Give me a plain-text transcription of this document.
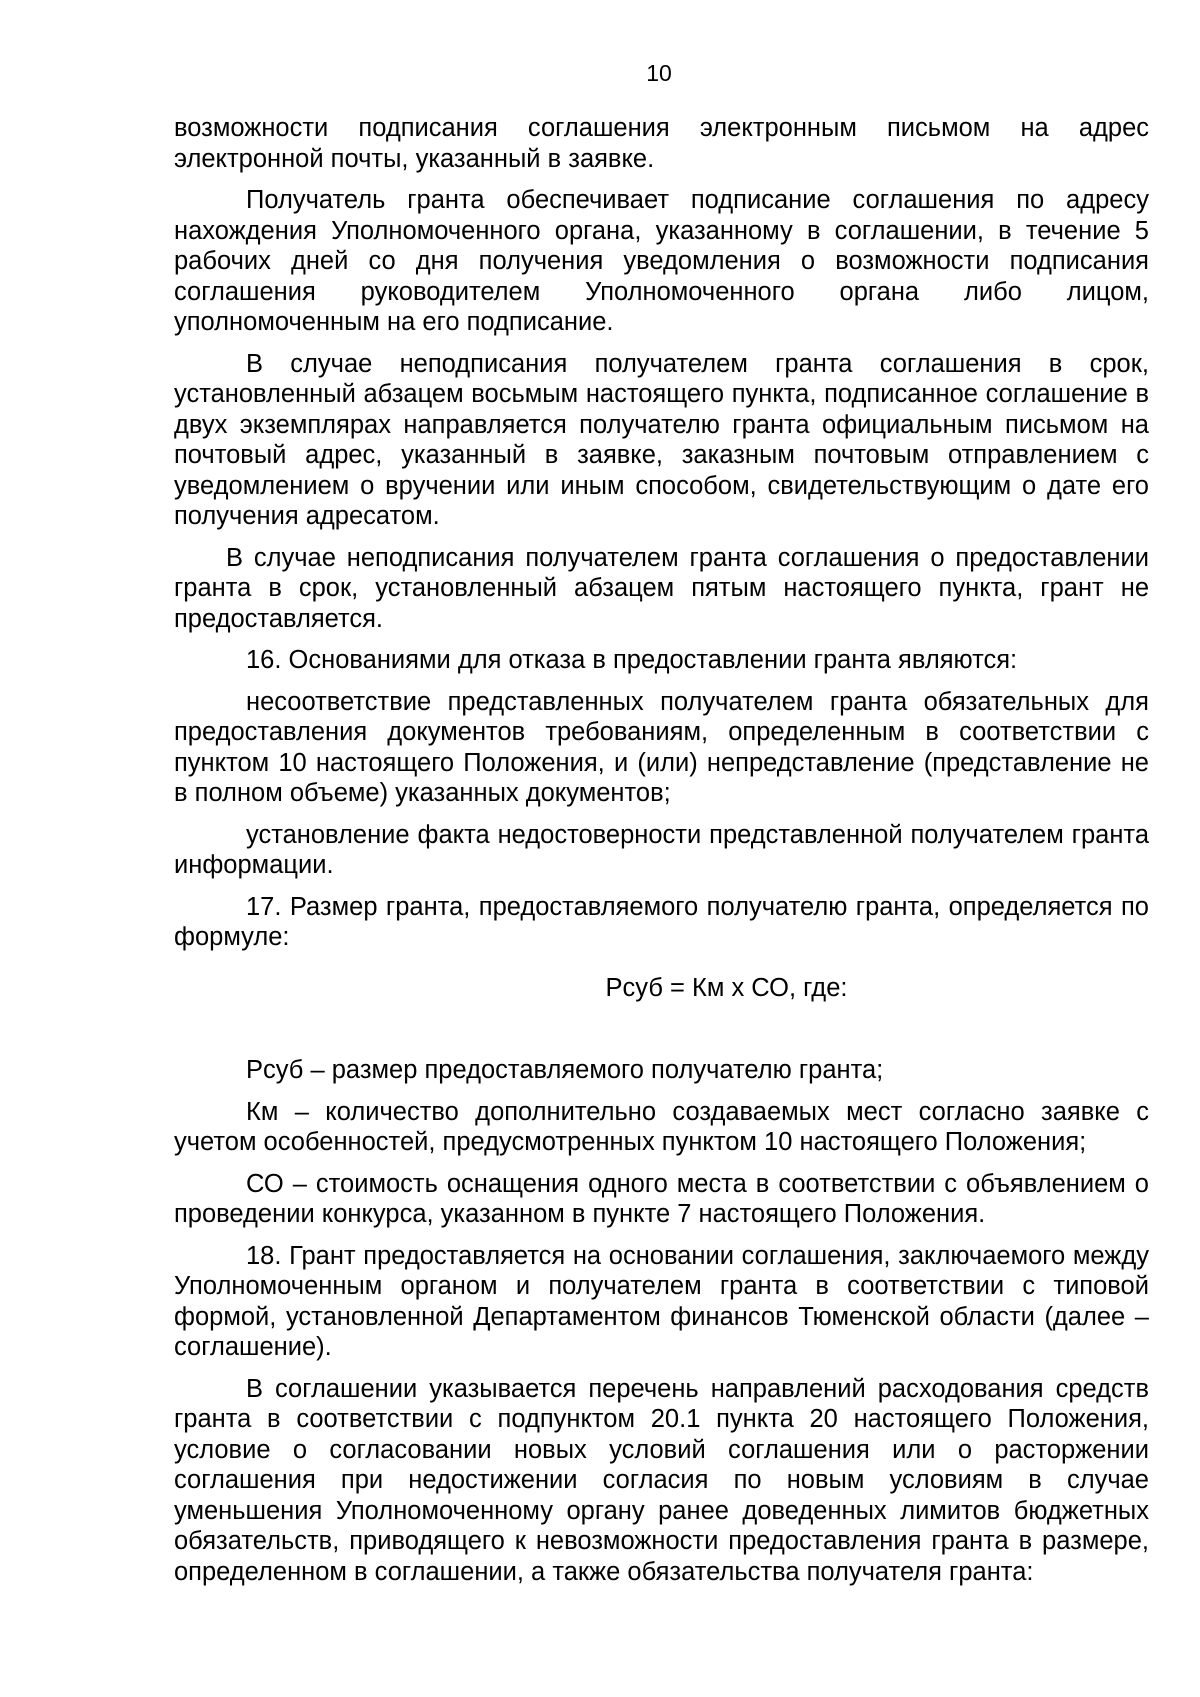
10

возможности подписания соглашения электронным письмом на адрес электронной почты, указанный в заявке.

Получатель гранта обеспечивает подписание соглашения по адресу нахождения Уполномоченного органа, указанному в соглашении, в течение 5 рабочих дней со дня получения уведомления о возможности подписания соглашения руководителем Уполномоченного органа либо лицом, уполномоченным на его подписание.

В случае неподписания получателем гранта соглашения в срок, установленный абзацем восьмым настоящего пункта, подписанное соглашение в двух экземплярах направляется получателю гранта официальным письмом на почтовый адрес, указанный в заявке, заказным почтовым отправлением с уведомлением о вручении или иным способом, свидетельствующим о дате его получения адресатом.

В случае неподписания получателем гранта соглашения о предоставлении гранта в срок, установленный абзацем пятым настоящего пункта, грант не предоставляется.

16. Основаниями для отказа в предоставлении гранта являются:

несоответствие представленных получателем гранта обязательных для предоставления документов требованиям, определенным в соответствии с пунктом 10 настоящего Положения, и (или) непредставление (представление не в полном объеме) указанных документов;

установление факта недостоверности представленной получателем гранта информации.

17. Размер гранта, предоставляемого получателю гранта, определяется по формуле:

Рсуб = Км х СО, где:

Рсуб – размер предоставляемого получателю гранта;

Км – количество дополнительно создаваемых мест согласно заявке с учетом особенностей, предусмотренных пунктом 10 настоящего Положения;

СО – стоимость оснащения одного места в соответствии с объявлением о проведении конкурса, указанном в пункте 7 настоящего Положения.

18. Грант предоставляется на основании соглашения, заключаемого между Уполномоченным органом и получателем гранта в соответствии с типовой формой, установленной Департаментом финансов Тюменской области (далее – соглашение).

В соглашении указывается перечень направлений расходования средств гранта в соответствии с подпунктом 20.1 пункта 20 настоящего Положения, условие о согласовании новых условий соглашения или о расторжении соглашения при недостижении согласия по новым условиям в случае уменьшения Уполномоченному органу ранее доведенных лимитов бюджетных обязательств, приводящего к невозможности предоставления гранта в размере, определенном в соглашении, а также обязательства получателя гранта:
